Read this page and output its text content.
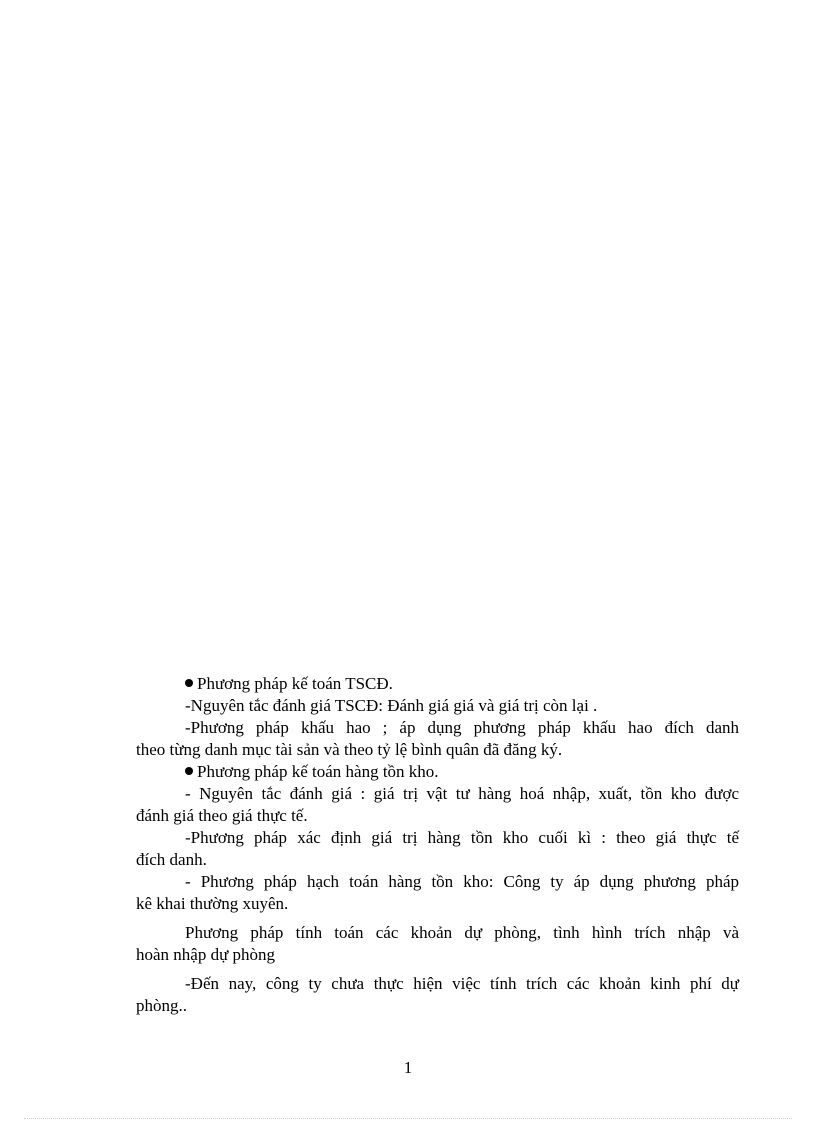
Phương pháp kế toán TSCĐ.
-Nguyên tắc đánh giá TSCĐ: Đánh giá giá và giá trị còn lại .
-Phương pháp khấu hao ; áp dụng phương pháp khấu hao đích danh
theo từng danh mục tài sản và theo tỷ lệ bình quân đã đăng ký.
Phương pháp kế toán hàng tồn kho.
- Nguyên tắc đánh giá : giá trị vật tư hàng hoá nhập, xuất, tồn kho được
đánh giá theo giá thực tế.
-Phương pháp xác định giá trị hàng tồn kho cuối kì : theo giá thực tế
đích danh.
- Phương pháp hạch toán hàng tồn kho: Công ty áp dụng phương pháp
kê khai thường xuyên.
Phương pháp tính toán các khoản dự phòng, tình hình trích nhập và
hoàn nhập dự phòng
-Đến nay, công ty chưa thực hiện việc tính trích các khoản kinh phí dự
phòng..
1
